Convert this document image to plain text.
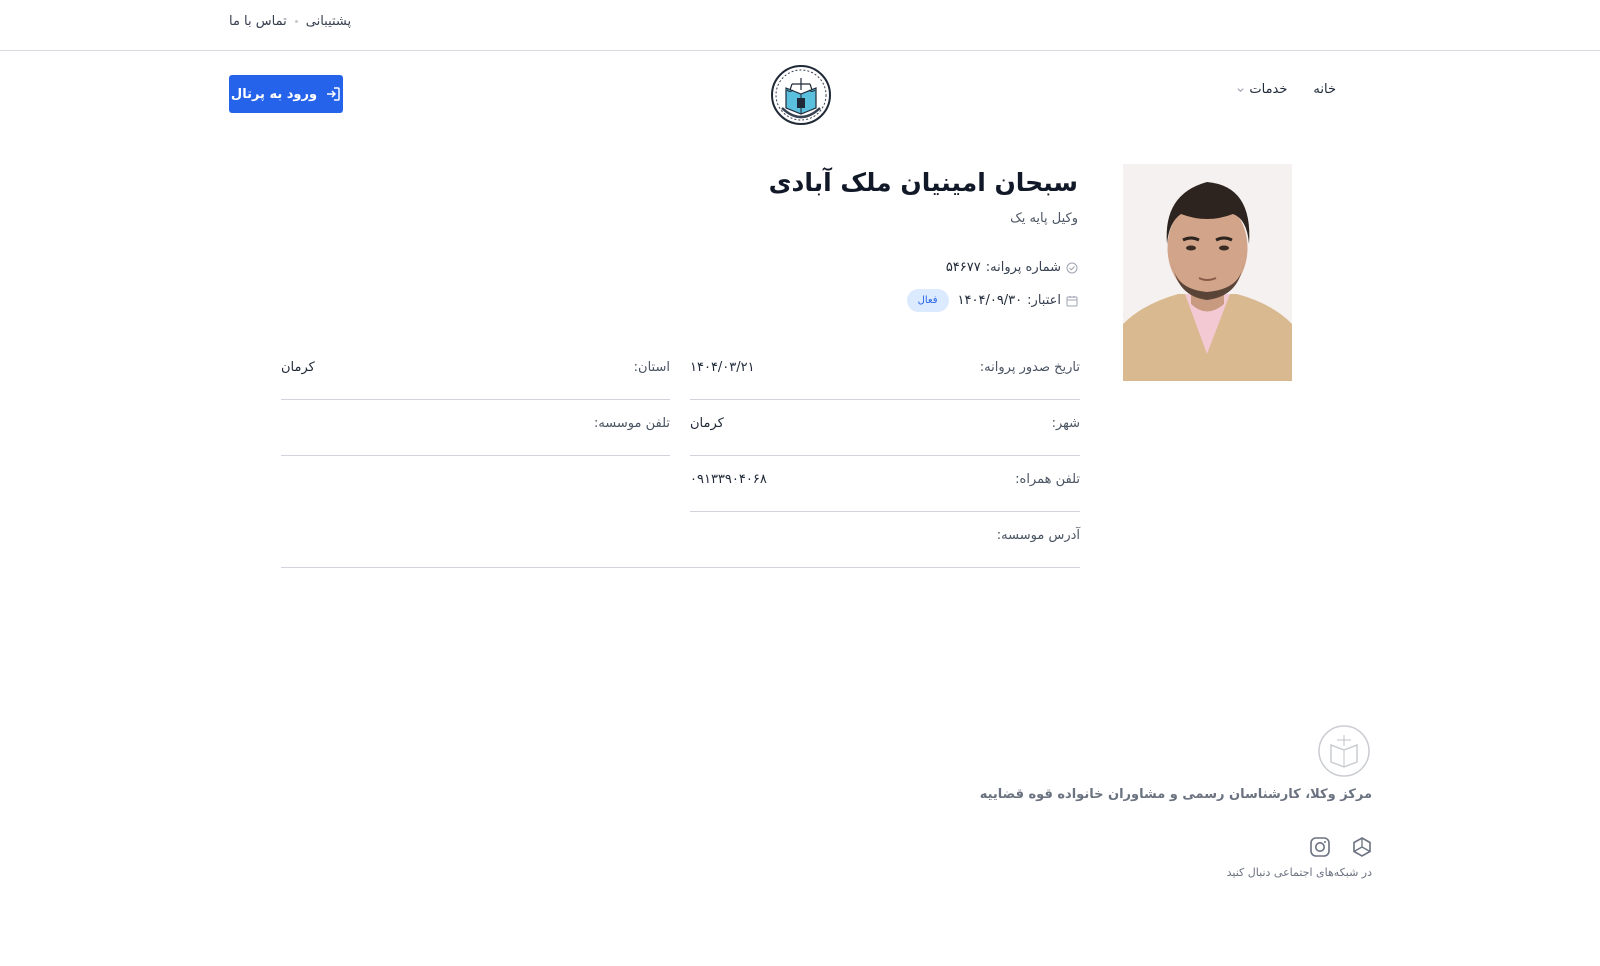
تماس با ما پشتیبانی
خانه
خدمات
ورود به پرتال
سبحان امینیان ملک آبادی
وکیل پایه یک
شماره پروانه:
۵۴۶۷۷
اعتبار:
۱۴۰۴/۰۹/۳۰
فعال
تاریخ صدور پروانه:
۱۴۰۴/۰۳/۲۱
استان:
کرمان
شهر:
کرمان
تلفن موسسه:
تلفن همراه:
۰۹۱۳۳۹۰۴۰۶۸
آدرس موسسه:
مرکز وکلا، کارشناسان رسمی و مشاوران خانواده قوه قضاییه
در شبکه‌های اجتماعی دنبال کنید
